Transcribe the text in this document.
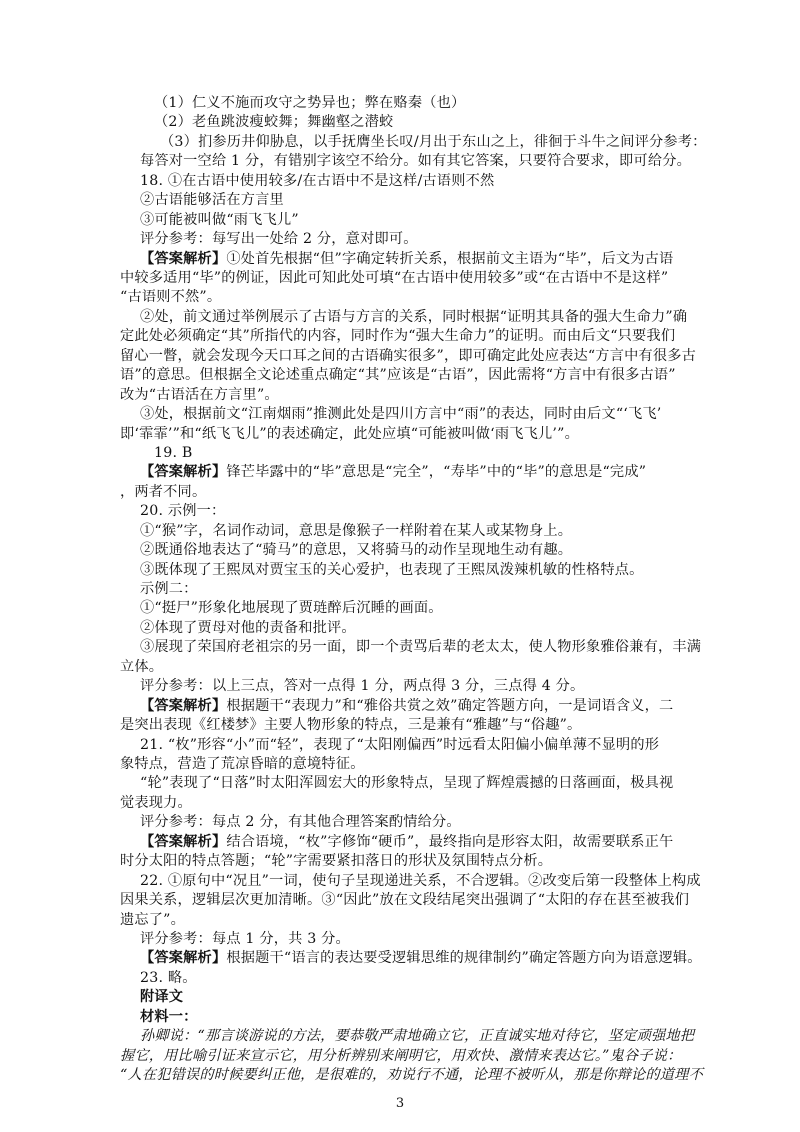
（1）仁义不施而攻守之势异也；弊在赂秦（也）
（2）老鱼跳波瘦蛟舞；舞幽壑之潜蛟
（3）扪参历井仰胁息，以手抚膺坐长叹/月出于东山之上，徘徊于斗牛之间评分参考：
每答对一空给 1 分，有错别字该空不给分。如有其它答案，只要符合要求，即可给分。
18. ①在古语中使用较多/在古语中不是这样/古语则不然
②古语能够活在方言里
③可能被叫做“雨飞飞儿”
评分参考：每写出一处给 2 分，意对即可。
【答案解析】①处首先根据“但”字确定转折关系，根据前文主语为“毕”，后文为古语
中较多适用“毕”的例证，因此可知此处可填“在古语中使用较多”或“在古语中不是这样”
“古语则不然”。
②处，前文通过举例展示了古语与方言的关系，同时根据“证明其具备的强大生命力”确
定此处必须确定“其”所指代的内容，同时作为“强大生命力”的证明。而由后文“只要我们
留心一瞥，就会发现今天口耳之间的古语确实很多”，即可确定此处应表达“方言中有很多古
语”的意思。但根据全文论述重点确定“其”应该是“古语”，因此需将“方言中有很多古语”
改为“古语活在方言里”。
③处，根据前文“江南烟雨”推测此处是四川方言中“雨”的表达，同时由后文“‘飞飞’
即‘霏霏’”和“纸飞飞儿”的表述确定，此处应填“可能被叫做‘雨飞飞儿’”。
19. B
【答案解析】锋芒毕露中的“毕”意思是“完全”，“寿毕”中的“毕”的意思是“完成”
，两者不同。
20. 示例一：
①“猴”字，名词作动词，意思是像猴子一样附着在某人或某物身上。
②既通俗地表达了“骑马”的意思，又将骑马的动作呈现地生动有趣。
③既体现了王熙凤对贾宝玉的关心爱护，也表现了王熙凤泼辣机敏的性格特点。
示例二：
①“挺尸”形象化地展现了贾琏醉后沉睡的画面。
②体现了贾母对他的责备和批评。
③展现了荣国府老祖宗的另一面，即一个责骂后辈的老太太，使人物形象雅俗兼有，丰满
立体。
评分参考：以上三点，答对一点得 1 分，两点得 3 分，三点得 4 分。
【答案解析】根据题干“表现力”和“雅俗共赏之效”确定答题方向，一是词语含义，二
是突出表现《红楼梦》主要人物形象的特点，三是兼有“雅趣”与“俗趣”。
21. “枚”形容“小”而“轻”，表现了“太阳刚偏西”时远看太阳偏小偏单薄不显明的形
象特点，营造了荒凉昏暗的意境特征。
“轮”表现了“日落”时太阳浑圆宏大的形象特点，呈现了辉煌震撼的日落画面，极具视
觉表现力。
评分参考：每点 2 分，有其他合理答案酌情给分。
【答案解析】结合语境，“枚”字修饰“硬币”，最终指向是形容太阳，故需要联系正午
时分太阳的特点答题；“轮”字需要紧扣落日的形状及氛围特点分析。
22. ①原句中“况且”一词，使句子呈现递进关系，不合逻辑。②改变后第一段整体上构成
因果关系，逻辑层次更加清晰。③“因此”放在文段结尾突出强调了“太阳的存在甚至被我们
遗忘了”。
评分参考：每点 1 分，共 3 分。
【答案解析】根据题干“语言的表达要受逻辑思维的规律制约”确定答题方向为语意逻辑。
23. 略。
附译文
材料一：
孙卿说：“那言谈游说的方法，要恭敬严肃地确立它，正直诚实地对待它，坚定顽强地把
握它，用比喻引证来宣示它，用分析辨别来阐明它，用欢快、激情来表达它。”鬼谷子说：
“人在犯错误的时候要纠正他，是很难的，劝说行不通，论理不被听从，那是你辩论的道理不
3
